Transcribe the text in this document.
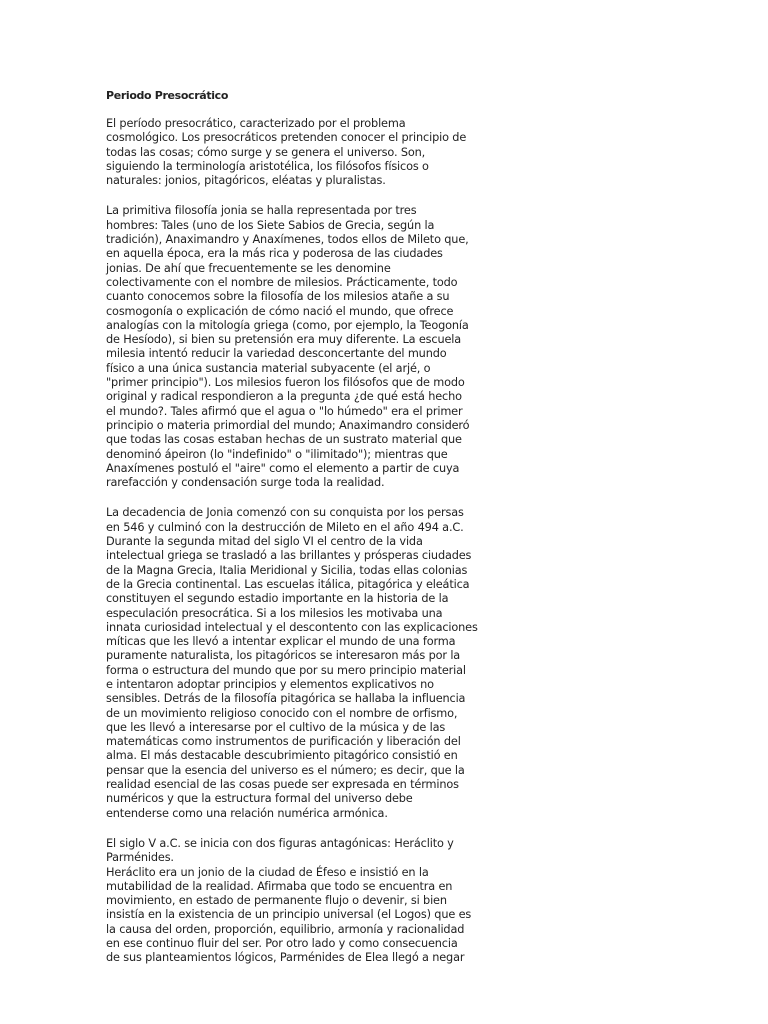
Periodo Presocrático
El período presocrático, caracterizado por el problema
cosmológico. Los presocráticos pretenden conocer el principio de
todas las cosas; cómo surge y se genera el universo. Son,
siguiendo la terminología aristotélica, los filósofos físicos o
naturales: jonios, pitagóricos, eléatas y pluralistas.
La primitiva filosofía jonia se halla representada por tres
hombres: Tales (uno de los Siete Sabios de Grecia, según la
tradición), Anaximandro y Anaxímenes, todos ellos de Mileto que,
en aquella época, era la más rica y poderosa de las ciudades
jonias. De ahí que frecuentemente se les denomine
colectivamente con el nombre de milesios. Prácticamente, todo
cuanto conocemos sobre la filosofía de los milesios atañe a su
cosmogonía o explicación de cómo nació el mundo, que ofrece
analogías con la mitología griega (como, por ejemplo, la Teogonía
de Hesíodo), si bien su pretensión era muy diferente. La escuela
milesia intentó reducir la variedad desconcertante del mundo
físico a una única sustancia material subyacente (el arjé, o
"primer principio"). Los milesios fueron los filósofos que de modo
original y radical respondieron a la pregunta ¿de qué está hecho
el mundo?. Tales afirmó que el agua o "lo húmedo" era el primer
principio o materia primordial del mundo; Anaximandro consideró
que todas las cosas estaban hechas de un sustrato material que
denominó ápeiron (lo "indefinido" o "ilimitado"); mientras que
Anaxímenes postuló el "aire" como el elemento a partir de cuya
rarefacción y condensación surge toda la realidad.
La decadencia de Jonia comenzó con su conquista por los persas
en 546 y culminó con la destrucción de Mileto en el año 494 a.C.
Durante la segunda mitad del siglo VI el centro de la vida
intelectual griega se trasladó a las brillantes y prósperas ciudades
de la Magna Grecia, Italia Meridional y Sicilia, todas ellas colonias
de la Grecia continental. Las escuelas itálica, pitagórica y eleática
constituyen el segundo estadio importante en la historia de la
especulación presocrática. Si a los milesios les motivaba una
innata curiosidad intelectual y el descontento con las explicaciones
míticas que les llevó a intentar explicar el mundo de una forma
puramente naturalista, los pitagóricos se interesaron más por la
forma o estructura del mundo que por su mero principio material
e intentaron adoptar principios y elementos explicativos no
sensibles. Detrás de la filosofía pitagórica se hallaba la influencia
de un movimiento religioso conocido con el nombre de orfismo,
que les llevó a interesarse por el cultivo de la música y de las
matemáticas como instrumentos de purificación y liberación del
alma. El más destacable descubrimiento pitagórico consistió en
pensar que la esencia del universo es el número; es decir, que la
realidad esencial de las cosas puede ser expresada en términos
numéricos y que la estructura formal del universo debe
entenderse como una relación numérica armónica.
El siglo V a.C. se inicia con dos figuras antagónicas: Heráclito y
Parménides.
Heráclito era un jonio de la ciudad de Éfeso e insistió en la
mutabilidad de la realidad. Afirmaba que todo se encuentra en
movimiento, en estado de permanente flujo o devenir, si bien
insistía en la existencia de un principio universal (el Logos) que es
la causa del orden, proporción, equilibrio, armonía y racionalidad
en ese continuo fluir del ser. Por otro lado y como consecuencia
de sus planteamientos lógicos, Parménides de Elea llegó a negar
